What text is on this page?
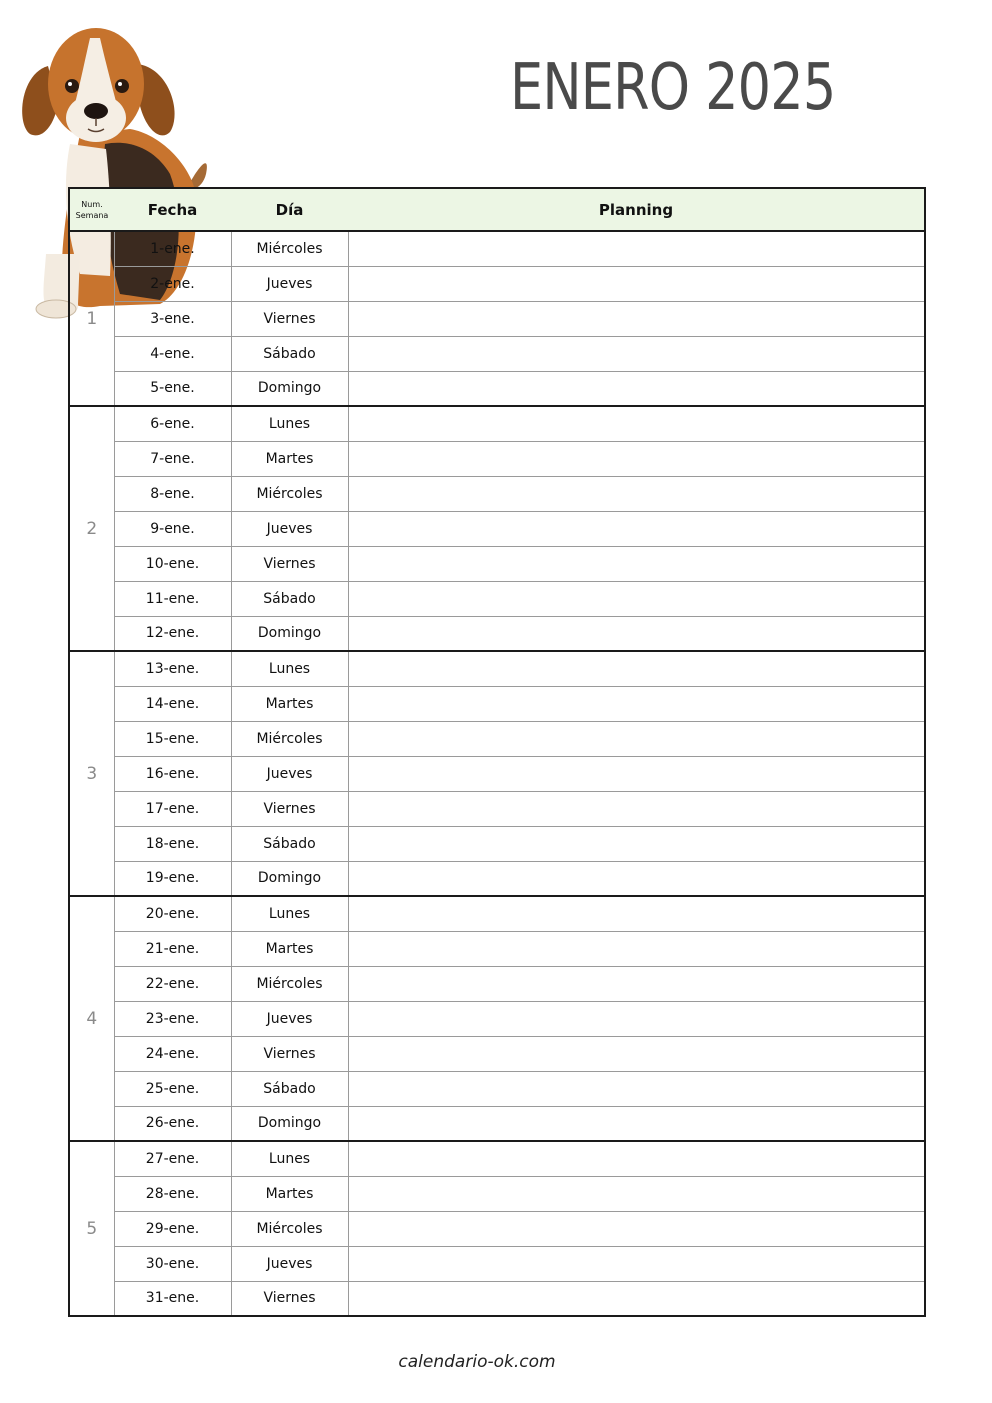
ENERO 2025
Num.
Semana	Fecha	Día	Planning
1	1-ene.	Miércoles	
	2-ene.	Jueves	
	3-ene.	Viernes	
	4-ene.	Sábado	
	5-ene.	Domingo	
2	6-ene.	Lunes	
	7-ene.	Martes	
	8-ene.	Miércoles	
	9-ene.	Jueves	
	10-ene.	Viernes	
	11-ene.	Sábado	
	12-ene.	Domingo	
3	13-ene.	Lunes	
	14-ene.	Martes	
	15-ene.	Miércoles	
	16-ene.	Jueves	
	17-ene.	Viernes	
	18-ene.	Sábado	
	19-ene.	Domingo	
4	20-ene.	Lunes	
	21-ene.	Martes	
	22-ene.	Miércoles	
	23-ene.	Jueves	
	24-ene.	Viernes	
	25-ene.	Sábado	
	26-ene.	Domingo	
5	27-ene.	Lunes	
	28-ene.	Martes	
	29-ene.	Miércoles	
	30-ene.	Jueves	
	31-ene.	Viernes	
calendario-ok.com
